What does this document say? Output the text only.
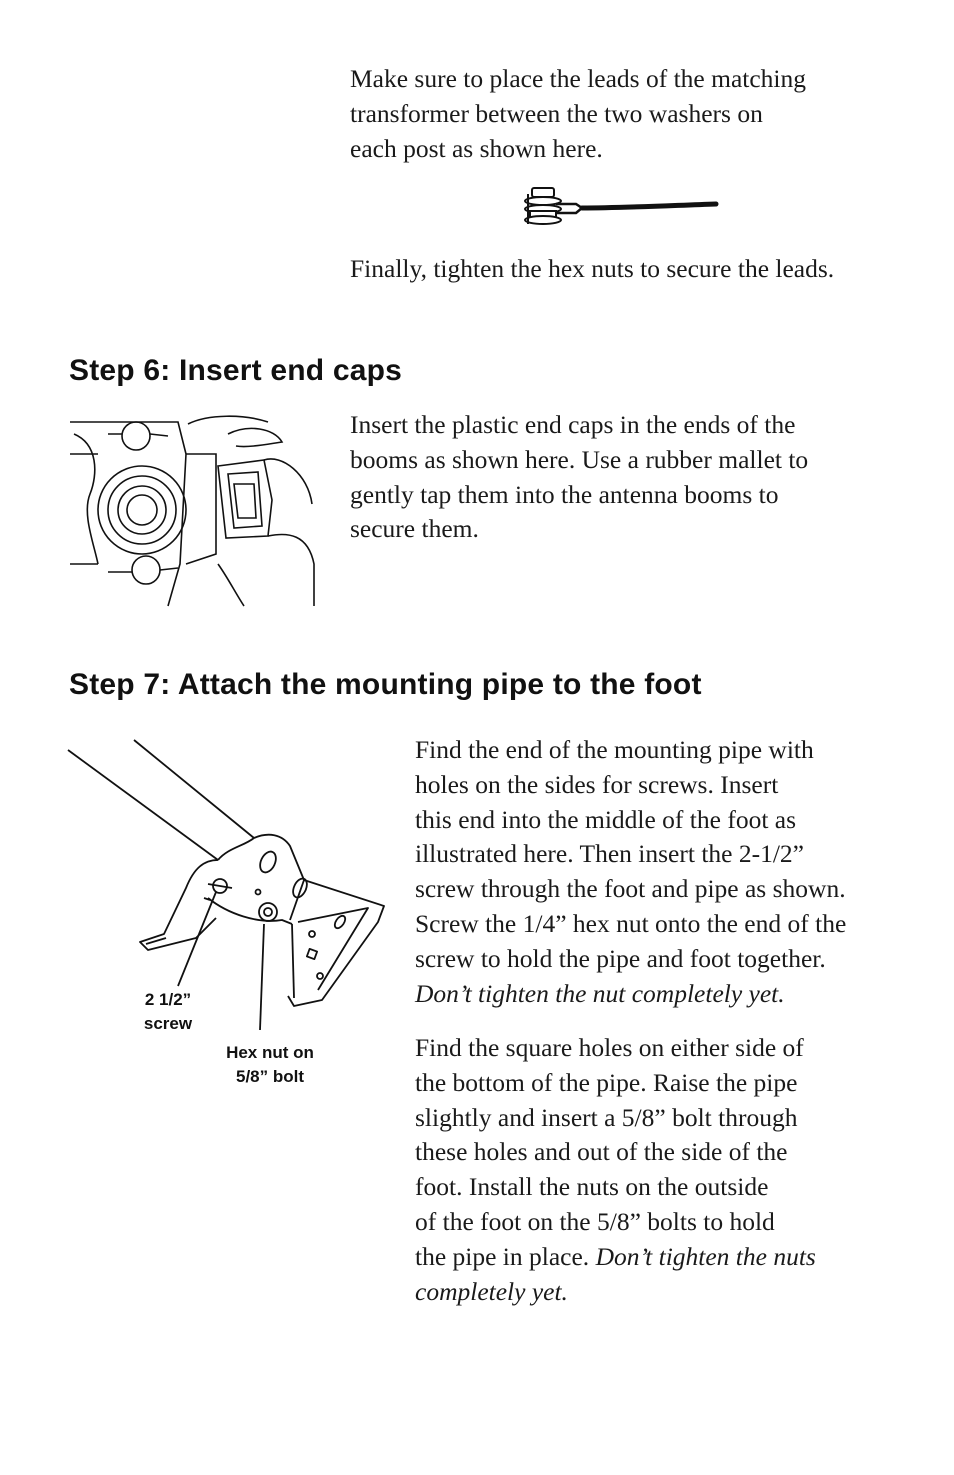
Make sure to place the leads of the matching
transformer between the two washers on
each post as shown here.
Finally, tighten the hex nuts to secure the leads.
Step 6: Insert end caps
Insert the plastic end caps in the ends of the
booms as shown here. Use a rubber mallet to
gently tap them into the antenna booms to
secure them.
Step 7: Attach the mounting pipe to the foot
2 1/2”
screw
Hex nut on
5/8” bolt
Find the end of the mounting pipe with
holes on the sides for screws. Insert
this end into the middle of the foot as
illustrated here. Then insert the 2-1/2”
screw through the foot and pipe as shown.
Screw the 1/4” hex nut onto the end of the
screw to hold the pipe and foot together.
Don’t tighten the nut completely yet.
Find the square holes on either side of
the bottom of the pipe. Raise the pipe
slightly and insert a 5/8” bolt through
these holes and out of the side of the
foot. Install the nuts on the outside
of the foot on the 5/8” bolts to hold
the pipe in place. Don’t tighten the nuts
completely yet.
